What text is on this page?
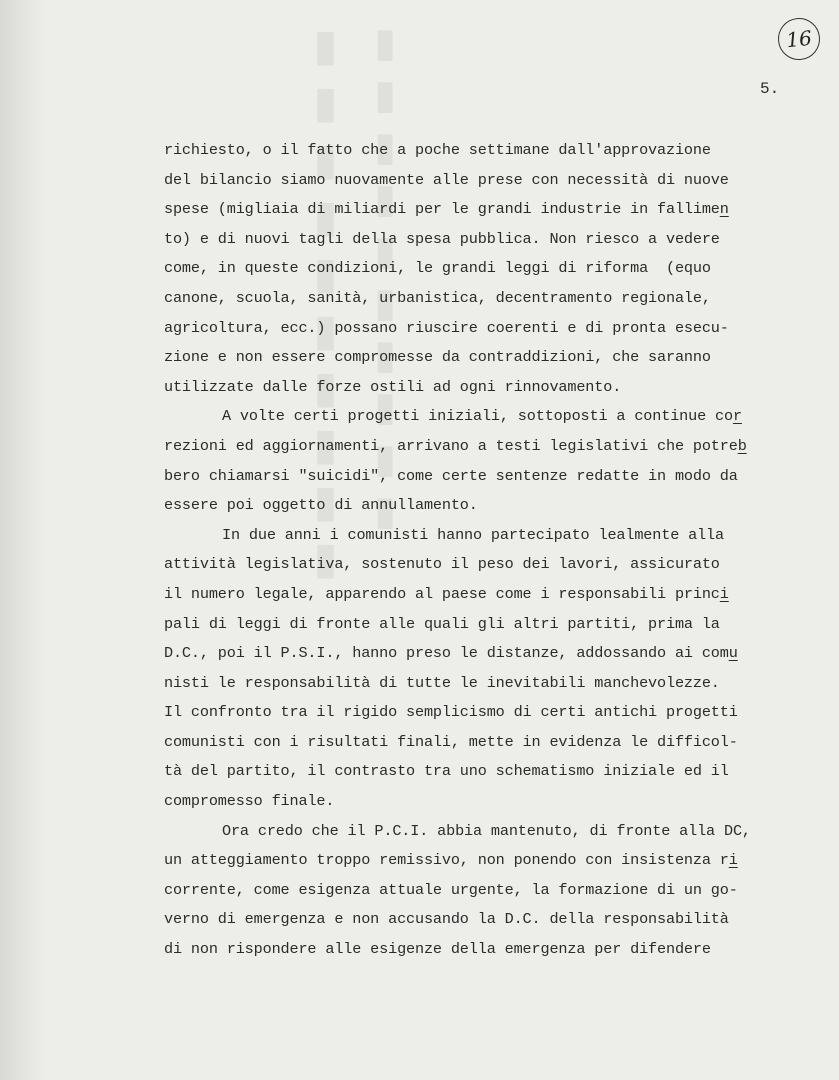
▮▮▮▮▮▮▮▮▮▮ ▮▮▮▮▮▮▮▮▮▮	16
5.
richiesto, o il fatto che a poche settimane dall'approvazione
del bilancio siamo nuovamente alle prese con necessità di nuove
spese (migliaia di miliardi per le grandi industrie in fallimen
to) e di nuovi tagli della spesa pubblica. Non riesco a vedere
come, in queste condizioni, le grandi leggi di riforma  (equo
canone, scuola, sanità, urbanistica, decentramento regionale,
agricoltura, ecc.) possano riuscire coerenti e di pronta esecu-
zione e non essere compromesse da contraddizioni, che saranno
utilizzate dalle forze ostili ad ogni rinnovamento.
A volte certi progetti iniziali, sottoposti a continue cor
rezioni ed aggiornamenti, arrivano a testi legislativi che potreb
bero chiamarsi "suicidi", come certe sentenze redatte in modo da
essere poi oggetto di annullamento.
In due anni i comunisti hanno partecipato lealmente alla
attività legislativa, sostenuto il peso dei lavori, assicurato
il numero legale, apparendo al paese come i responsabili princi
pali di leggi di fronte alle quali gli altri partiti, prima la
D.C., poi il P.S.I., hanno preso le distanze, addossando ai comu
nisti le responsabilità di tutte le inevitabili manchevolezze.
Il confronto tra il rigido semplicismo di certi antichi progetti
comunisti con i risultati finali, mette in evidenza le difficol-
tà del partito, il contrasto tra uno schematismo iniziale ed il
compromesso finale.
Ora credo che il P.C.I. abbia mantenuto, di fronte alla DC,
un atteggiamento troppo remissivo, non ponendo con insistenza ri
corrente, come esigenza attuale urgente, la formazione di un go-
verno di emergenza e non accusando la D.C. della responsabilità
di non rispondere alle esigenze della emergenza per difendere
